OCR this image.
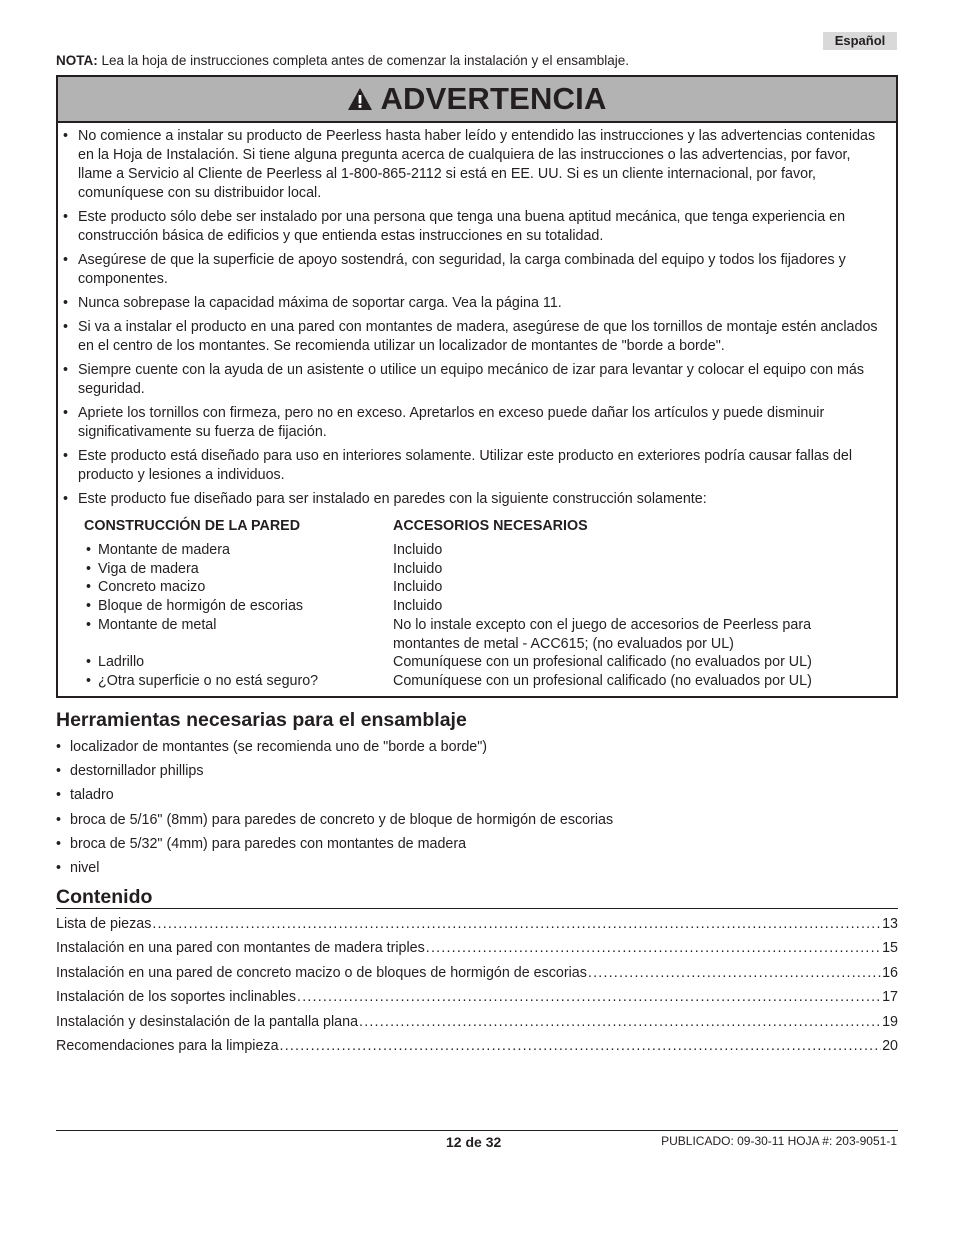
Español
NOTA: Lea la hoja de instrucciones completa antes de comenzar la instalación y el ensamblaje.
ADVERTENCIA
• No comience a instalar su producto de Peerless hasta haber leído y entendido las instrucciones y las advertencias contenidas en la Hoja de Instalación. Si tiene alguna pregunta acerca de cualquiera de las instrucciones o las advertencias, por favor, llame a Servicio al Cliente de Peerless al 1-800-865-2112 si está en EE. UU. Si es un cliente internacional, por favor, comuníquese con su distribuidor local.
• Este producto sólo debe ser instalado por una persona que tenga una buena aptitud mecánica, que tenga experiencia en construcción básica de edificios y que entienda estas instrucciones en su totalidad.
• Asegúrese de que la superficie de apoyo sostendrá, con seguridad, la carga combinada del equipo y todos los fijadores y componentes.
• Nunca sobrepase la capacidad máxima de soportar carga. Vea la página 11.
• Si va a instalar el producto en una pared con montantes de madera, asegúrese de que los tornillos de montaje estén anclados en el centro de los montantes. Se recomienda utilizar un localizador de montantes de "borde a borde".
• Siempre cuente con la ayuda de un asistente o utilice un equipo mecánico de izar para levantar y colocar el equipo con más seguridad.
• Apriete los tornillos con firmeza, pero no en exceso. Apretarlos en exceso puede dañar los artículos y puede disminuir significativamente su fuerza de fijación.
• Este producto está diseñado para uso en interiores solamente. Utilizar este producto en exteriores podría causar fallas del producto y lesiones a individuos.
• Este producto fue diseñado para ser instalado en paredes con la siguiente construcción solamente:
CONSTRUCCIÓN DE LA PARED	ACCESORIOS NECESARIOS
• Montante de madera	Incluido
• Viga de madera	Incluido
• Concreto macizo	Incluido
• Bloque de hormigón de escorias	Incluido
• Montante de metal	No lo instale excepto con el juego de accesorios de Peerless para montantes de metal - ACC615; (no evaluados por UL)
• Ladrillo	Comuníquese con un profesional calificado (no evaluados por UL)
• ¿Otra superficie o no está seguro?	Comuníquese con un profesional calificado (no evaluados por UL)
Herramientas necesarias para el ensamblaje
• localizador de montantes (se recomienda uno de "borde a borde")
• destornillador phillips
• taladro
• broca de 5/16" (8mm) para paredes de concreto y de bloque de hormigón de escorias
• broca de 5/32" (4mm) para paredes con montantes de madera
• nivel
Contenido
Lista de piezas .....	13
Instalación en una pared con montantes de madera triples .....	15
Instalación en una pared de concreto macizo o de bloques de hormigón de escorias .....	16
Instalación de los soportes inclinables .....	17
Instalación y desinstalación de la pantalla plana .....	19
Recomendaciones para la limpieza .....	20
12 de 32	PUBLICADO: 09-30-11 HOJA #: 203-9051-1
